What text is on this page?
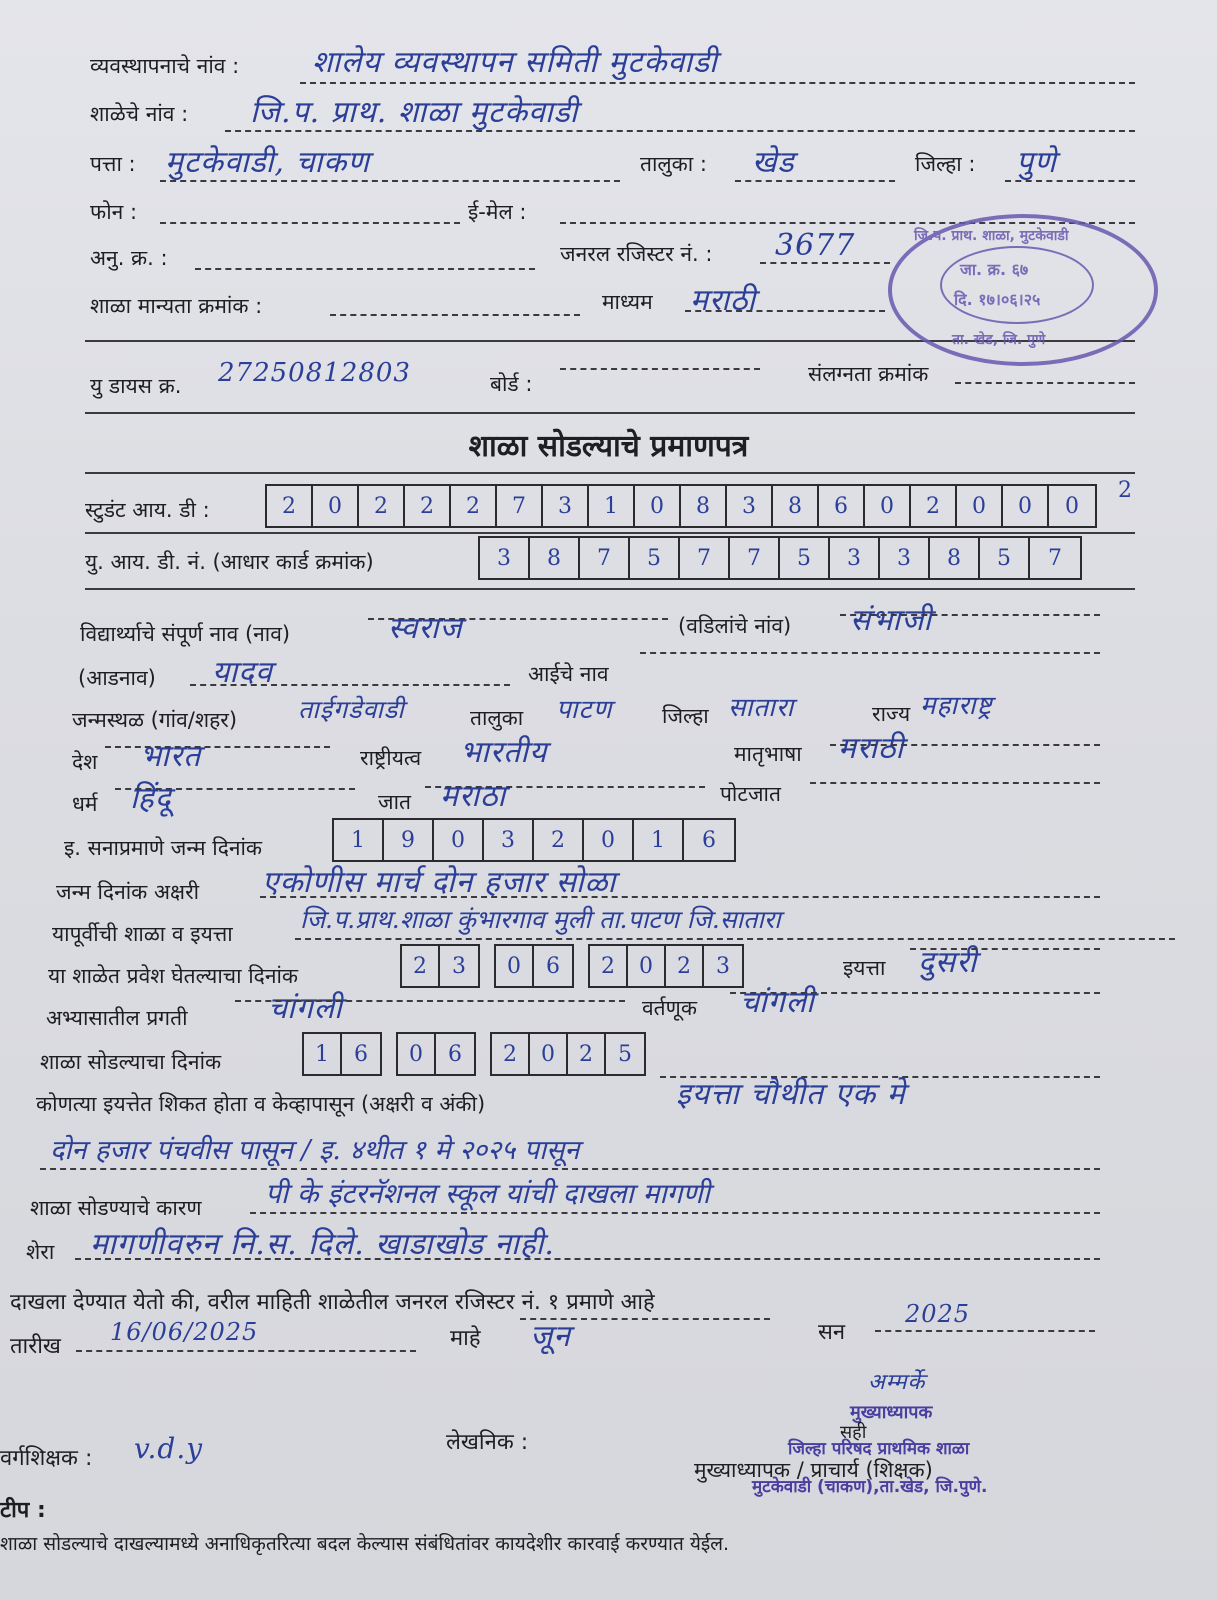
व्यवस्थापनाचे नांव : शालेय व्यवस्थापन समिती मुटकेवाडी
शाळेचे नांव : जि.प. प्राथ. शाळा मुटकेवाडी
पत्ता : मुटकेवाडी, चाकण	तालुका : खेड	जिल्हा : पुणे
फोन :	ई-मेल :
अनु. क्र. :	जनरल रजिस्टर नं. : 3677
शाळा मान्यता क्रमांक :	माध्यम मराठी
यु डायस क्र. 27250812803	बोर्ड :	संलग्नता क्रमांक
जि.प. प्राथ. शाळा, मुटकेवाडी
जा. क्र. ६७
दि. १७।०६।२५
ता. खेड, जि. पुणे
शाळा सोडल्याचे प्रमाणपत्र
स्टुडंट आय. डी :	2	0	2	2	2	7	3	1	0	8	3	8	6	0	2	0	0	0
2
यु. आय. डी. नं. (आधार कार्ड क्रमांक)	3	8	7	5	7	7	5	3	3	8	5	7
विद्यार्थ्याचे संपूर्ण नाव (नाव)	स्वराज	(वडिलांचे नांव) संभाजी
(आडनाव) यादव	आईचे नाव
जन्मस्थळ (गांव/शहर) ताईगडेवाडी	तालुका पाटण जिल्हा सातारा	राज्य महाराष्ट्र
देश भारत	राष्ट्रीयत्व भारतीय	मातृभाषा मराठी
धर्म हिंदू	जात मराठा	पोटजात
इ. सनाप्रमाणे जन्म दिनांक	1	9	0	3	2	0	1	6
जन्म दिनांक अक्षरी एकोणीस मार्च दोन हजार सोळा
यापूर्वीची शाळा व इयत्ता	जि.प.प्राथ.शाळा कुंभारगाव मुली ता.पाटण जि.सातारा
या शाळेत प्रवेश घेतल्याचा दिनांक	2	3	0	6	2	0	2	3	इयत्ता दुसरी
अभ्यासातील प्रगती	चांगली	वर्तणूक चांगली
शाळा सोडल्याचा दिनांक	1	6	0	6	2	0	2	5
कोणत्या इयत्तेत शिकत होता व केव्हापासून (अक्षरी व अंकी)	इयत्ता चौथीत एक मे
दोन हजार पंचवीस पासून / इ. ४थीत १ मे २०२५ पासून
शाळा सोडण्याचे कारण पी के इंटरनॅशनल स्कूल यांची दाखला मागणी
शेरा मागणीवरुन नि.स. दिले. खाडाखोड नाही.
दाखला देण्यात येतो की, वरील माहिती शाळेतील जनरल रजिस्टर नं. १ प्रमाणे आहे
तारीख
16/06/2025	माहे जून	सन
2025
अम्मर्के
मुख्याध्यापक
सही
जिल्हा परिषद प्राथमिक शाळा
मुटकेवाडी (चाकण),ता.खेड, जि.पुणे.
वर्गशिक्षक : v.d.y	लेखनिक :
मुख्याध्यापक / प्राचार्य (शिक्षक)
टीप :
शाळा सोडल्याचे दाखल्यामध्ये अनाधिकृतरित्या बदल केल्यास संबंधितांवर कायदेशीर कारवाई करण्यात येईल.
